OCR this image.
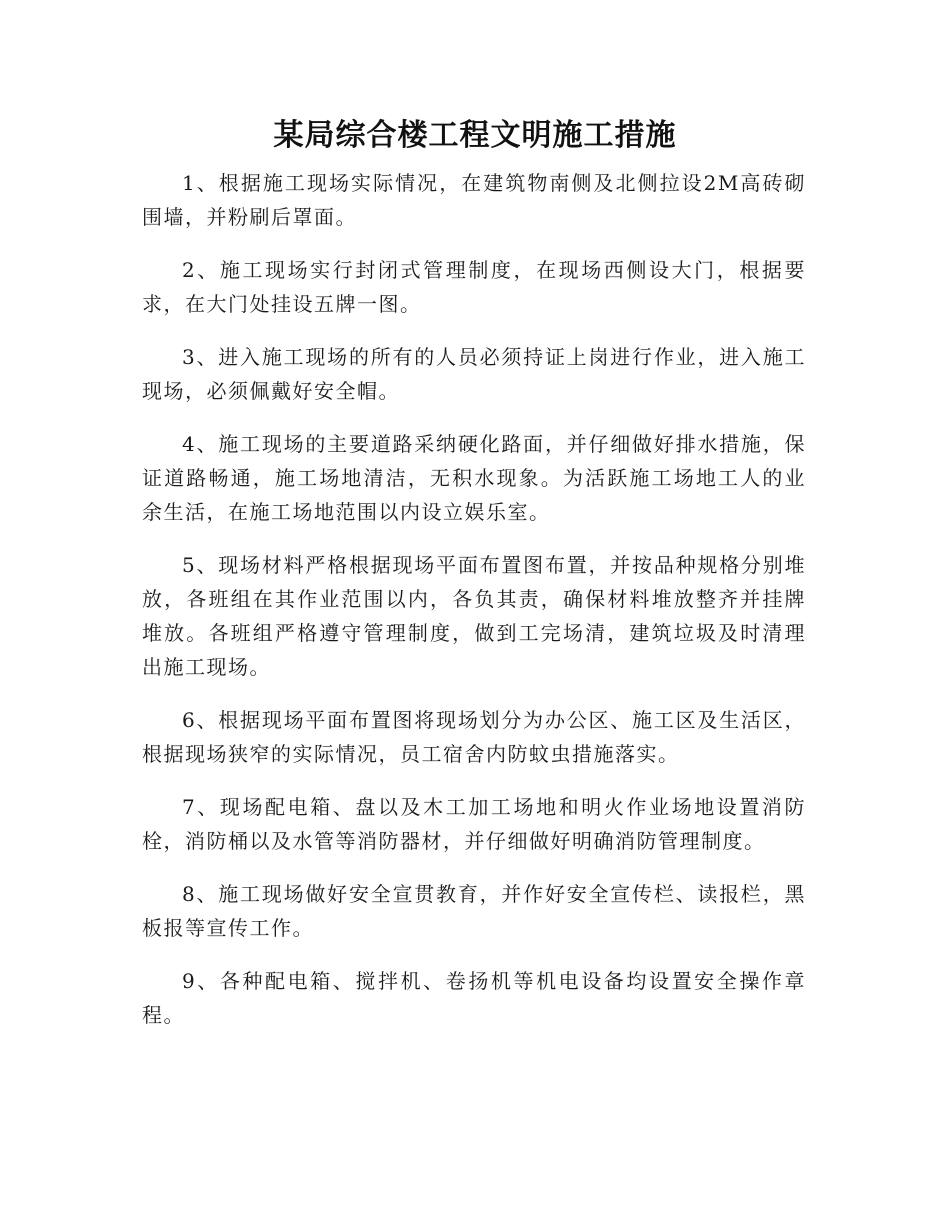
某局综合楼工程文明施工措施

1、根据施工现场实际情况，在建筑物南侧及北侧拉设2M高砖砌围墙，并粉刷后罩面。

2、施工现场实行封闭式管理制度，在现场西侧设大门，根据要求，在大门处挂设五牌一图。

3、进入施工现场的所有的人员必须持证上岗进行作业，进入施工现场，必须佩戴好安全帽。

4、施工现场的主要道路采纳硬化路面，并仔细做好排水措施，保证道路畅通，施工场地清洁，无积水现象。为活跃施工场地工人的业余生活，在施工场地范围以内设立娱乐室。

5、现场材料严格根据现场平面布置图布置，并按品种规格分别堆放，各班组在其作业范围以内，各负其责，确保材料堆放整齐并挂牌堆放。各班组严格遵守管理制度，做到工完场清，建筑垃圾及时清理出施工现场。

6、根据现场平面布置图将现场划分为办公区、施工区及生活区，根据现场狭窄的实际情况，员工宿舍内防蚊虫措施落实。

7、现场配电箱、盘以及木工加工场地和明火作业场地设置消防栓，消防桶以及水管等消防器材，并仔细做好明确消防管理制度。

8、施工现场做好安全宣贯教育，并作好安全宣传栏、读报栏，黑板报等宣传工作。

9、各种配电箱、搅拌机、卷扬机等机电设备均设置安全操作章程。
